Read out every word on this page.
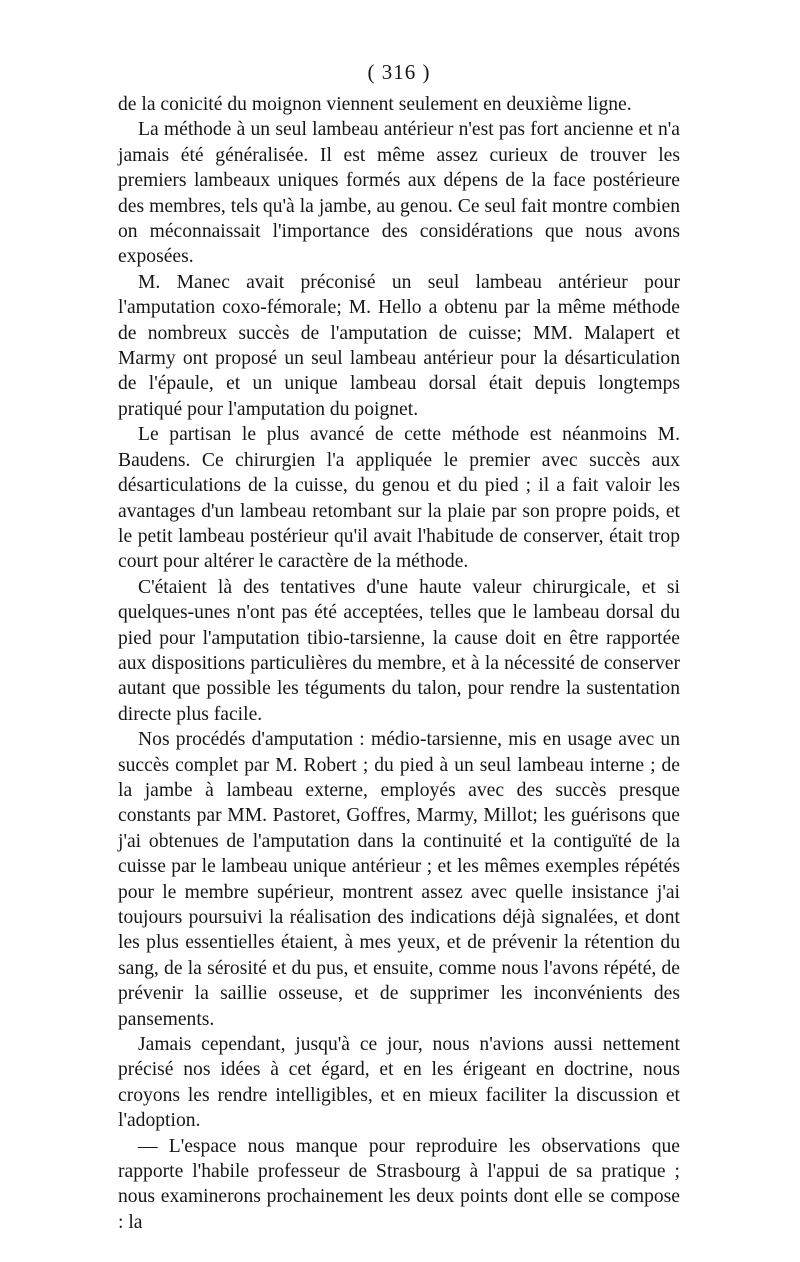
( 316 )

de la conicité du moignon viennent seulement en deuxième ligne.

La méthode à un seul lambeau antérieur n'est pas fort ancienne et n'a jamais été généralisée. Il est même assez curieux de trouver les premiers lambeaux uniques formés aux dépens de la face postérieure des membres, tels qu'à la jambe, au genou. Ce seul fait montre combien on méconnaissait l'importance des considérations que nous avons exposées.

M. Manec avait préconisé un seul lambeau antérieur pour l'amputation coxo-fémorale; M. Hello a obtenu par la même méthode de nombreux succès de l'amputation de cuisse; MM. Malapert et Marmy ont proposé un seul lambeau antérieur pour la désarticulation de l'épaule, et un unique lambeau dorsal était depuis longtemps pratiqué pour l'amputation du poignet.

Le partisan le plus avancé de cette méthode est néanmoins M. Baudens. Ce chirurgien l'a appliquée le premier avec succès aux désarticulations de la cuisse, du genou et du pied ; il a fait valoir les avantages d'un lambeau retombant sur la plaie par son propre poids, et le petit lambeau postérieur qu'il avait l'habitude de conserver, était trop court pour altérer le caractère de la méthode.

C'étaient là des tentatives d'une haute valeur chirurgicale, et si quelques-unes n'ont pas été acceptées, telles que le lambeau dorsal du pied pour l'amputation tibio-tarsienne, la cause doit en être rapportée aux dispositions particulières du membre, et à la nécessité de conserver autant que possible les téguments du talon, pour rendre la sustentation directe plus facile.

Nos procédés d'amputation : médio-tarsienne, mis en usage avec un succès complet par M. Robert ; du pied à un seul lambeau interne ; de la jambe à lambeau externe, employés avec des succès presque constants par MM. Pastoret, Goffres, Marmy, Millot; les guérisons que j'ai obtenues de l'amputation dans la continuité et la contiguïté de la cuisse par le lambeau unique antérieur ; et les mêmes exemples répétés pour le membre supérieur, montrent assez avec quelle insistance j'ai toujours poursuivi la réalisation des indications déjà signalées, et dont les plus essentielles étaient, à mes yeux, et de prévenir la rétention du sang, de la sérosité et du pus, et ensuite, comme nous l'avons répété, de prévenir la saillie osseuse, et de supprimer les inconvénients des pansements.

Jamais cependant, jusqu'à ce jour, nous n'avions aussi nettement précisé nos idées à cet égard, et en les érigeant en doctrine, nous croyons les rendre intelligibles, et en mieux faciliter la discussion et l'adoption.

— L'espace nous manque pour reproduire les observations que rapporte l'habile professeur de Strasbourg à l'appui de sa pratique ; nous examinerons prochainement les deux points dont elle se compose : la
